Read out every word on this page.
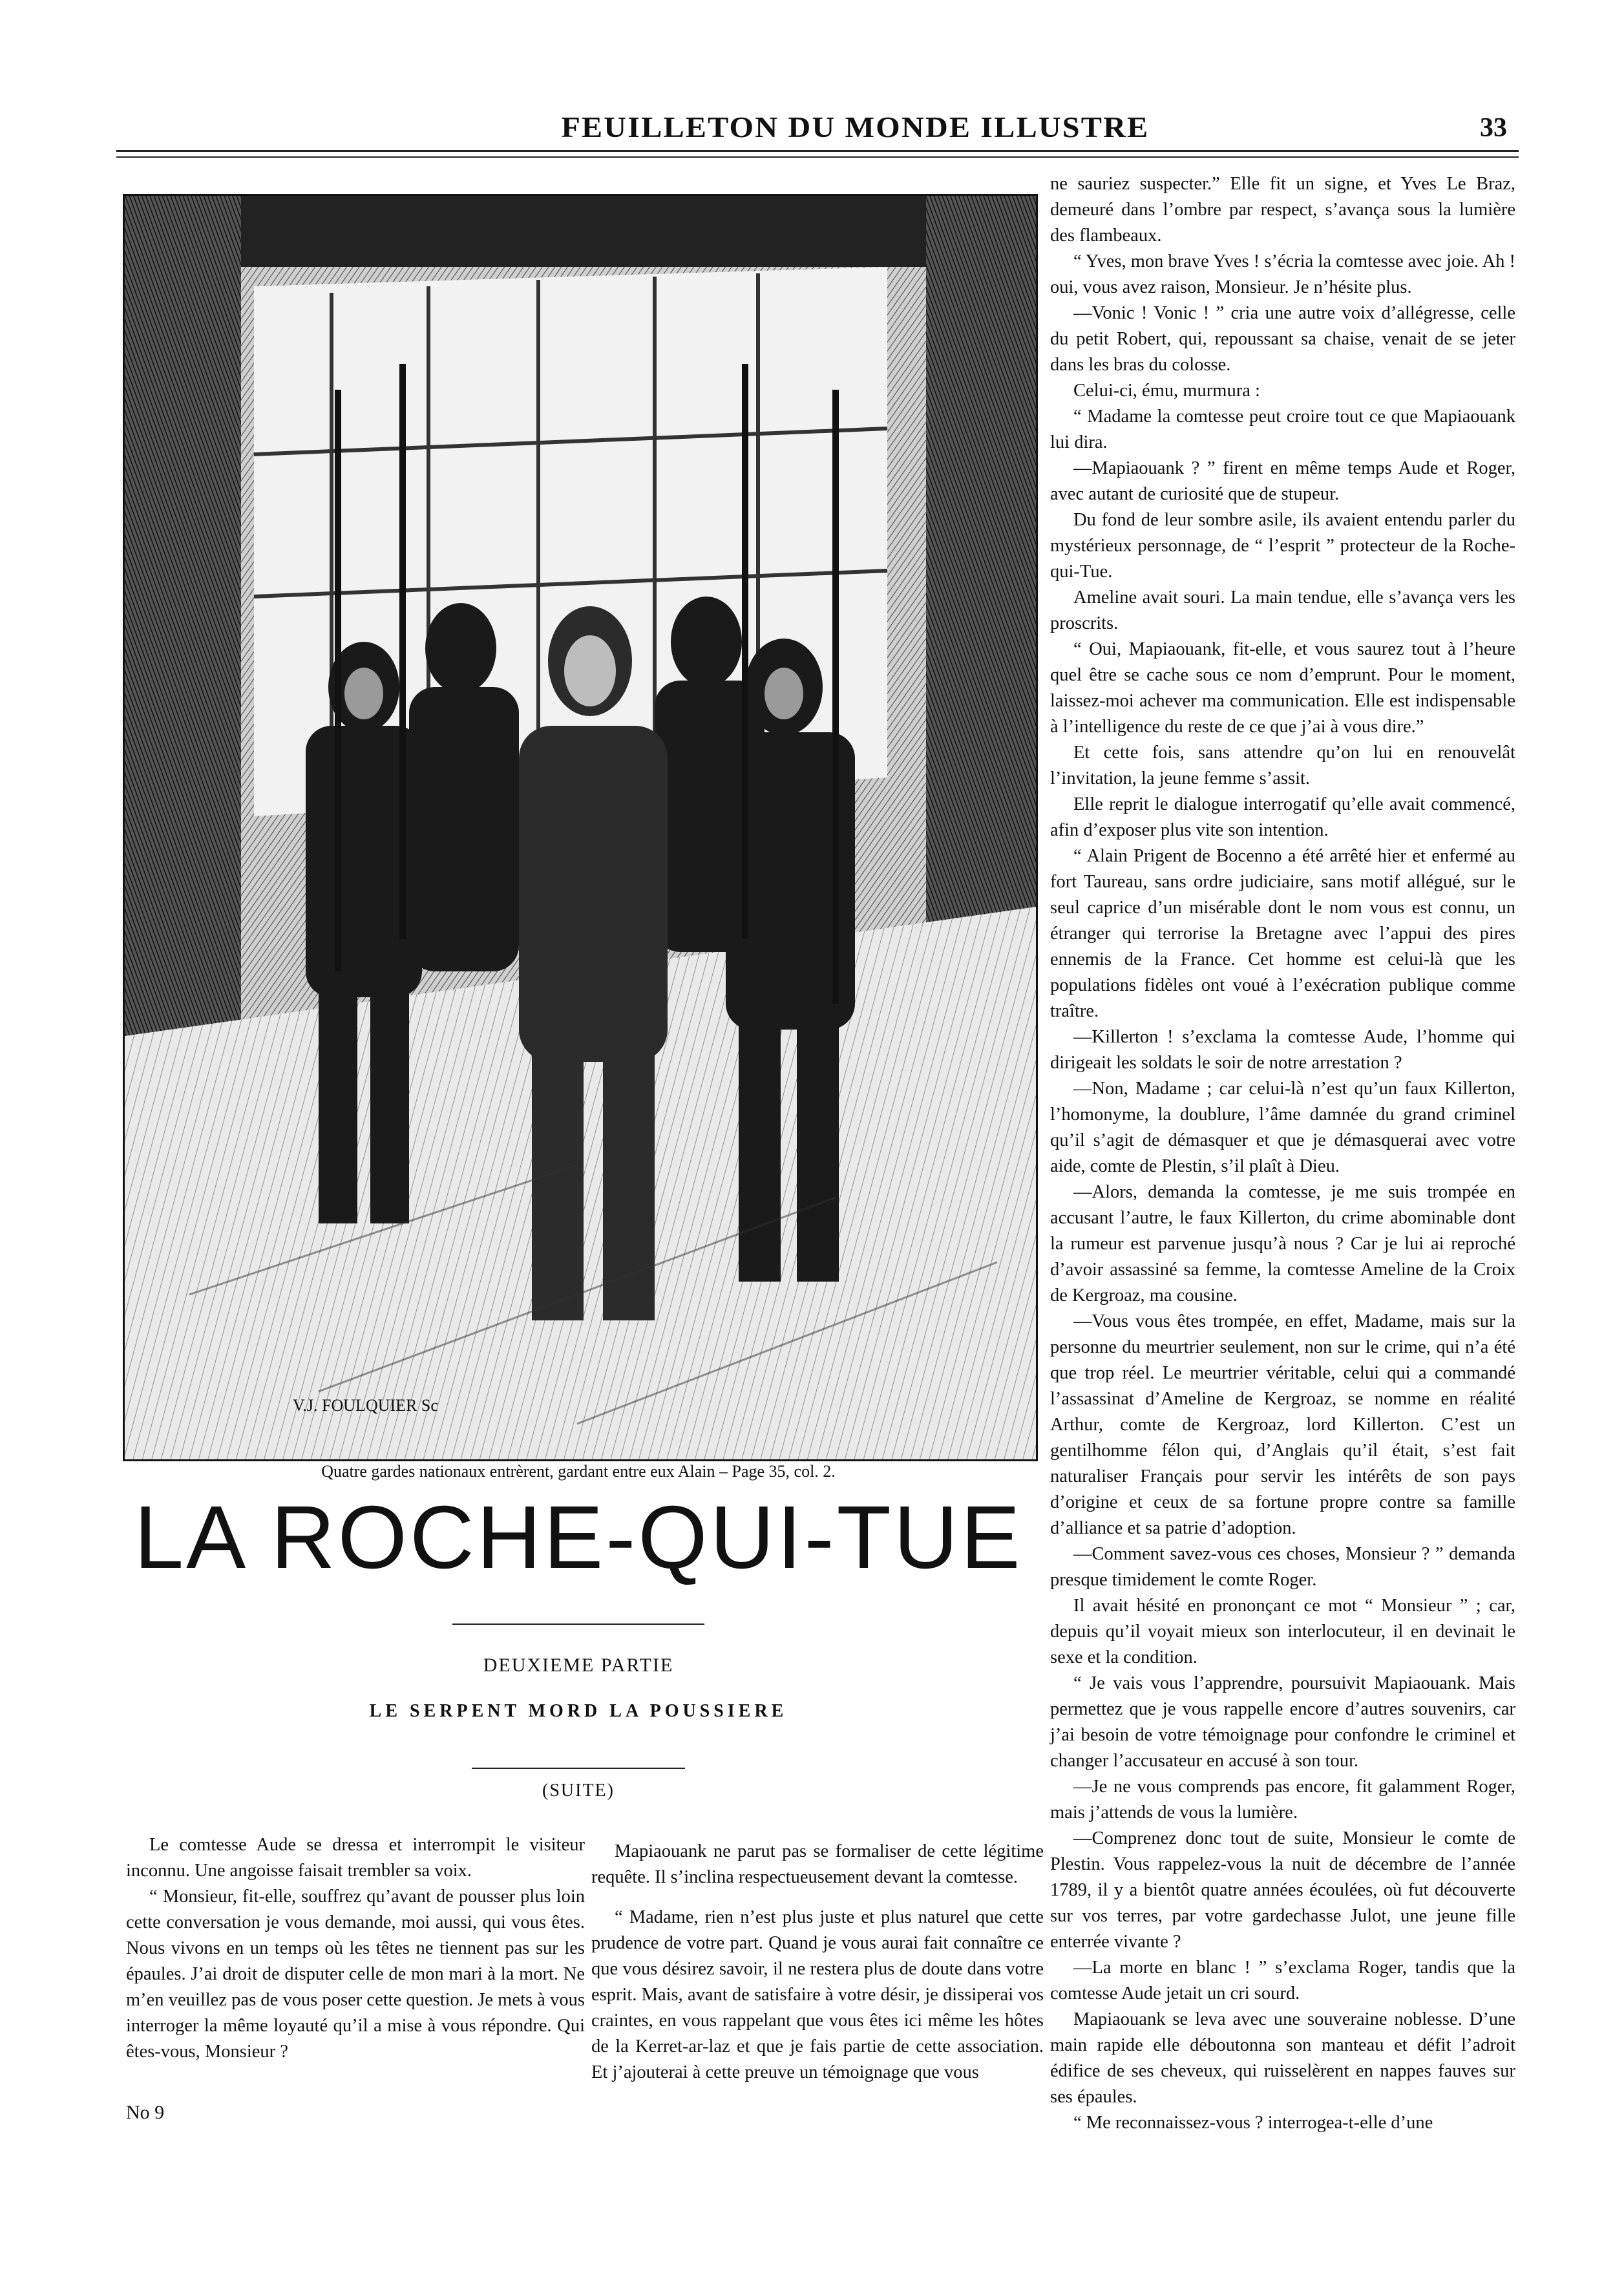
FEUILLETON DU MONDE ILLUSTRE	33
V.J. FOULQUIER Sc
Quatre gardes nationaux entrèrent, gardant entre eux Alain – Page 35, col. 2.
LA ROCHE-QUI-TUE
DEUXIEME PARTIE
LE SERPENT MORD LA POUSSIERE
(SUITE)

Le comtesse Aude se dressa et interrompit le visiteur inconnu. Une angoisse faisait trembler sa voix.

“ Monsieur, fit-elle, souffrez qu’avant de pousser plus loin cette conversation je vous demande, moi aussi, qui vous êtes. Nous vivons en un temps où les têtes ne tiennent pas sur les épaules. J’ai droit de disputer celle de mon mari à la mort. Ne m’en veuillez pas de vous poser cette question. Je mets à vous interroger la même loyauté qu’il a mise à vous répondre. Qui êtes-vous, Monsieur ?

Mapiaouank ne parut pas se formaliser de cette légitime requête. Il s’inclina respectueusement devant la comtesse.

“ Madame, rien n’est plus juste et plus naturel que cette prudence de votre part. Quand je vous aurai fait connaître ce que vous désirez savoir, il ne restera plus de doute dans votre esprit. Mais, avant de satisfaire à votre désir, je dissiperai vos craintes, en vous rappelant que vous êtes ici même les hôtes de la Kerret-ar-laz et que je fais partie de cette association. Et j’ajouterai à cette preuve un témoignage que vous

ne sauriez suspecter.” Elle fit un signe, et Yves Le Braz, demeuré dans l’ombre par respect, s’avança sous la lumière des flambeaux.

“ Yves, mon brave Yves ! s’écria la comtesse avec joie. Ah ! oui, vous avez raison, Monsieur. Je n’hésite plus.

—Vonic ! Vonic ! ” cria une autre voix d’allégresse, celle du petit Robert, qui, repoussant sa chaise, venait de se jeter dans les bras du colosse.

Celui-ci, ému, murmura :

“ Madame la comtesse peut croire tout ce que Mapiaouank lui dira.

—Mapiaouank ? ” firent en même temps Aude et Roger, avec autant de curiosité que de stupeur.

Du fond de leur sombre asile, ils avaient entendu parler du mystérieux personnage, de “ l’esprit ” protecteur de la Roche-qui-Tue.

Ameline avait souri. La main tendue, elle s’avança vers les proscrits.

“ Oui, Mapiaouank, fit-elle, et vous saurez tout à l’heure quel être se cache sous ce nom d’emprunt. Pour le moment, laissez-moi achever ma communication. Elle est indispensable à l’intelligence du reste de ce que j’ai à vous dire.”

Et cette fois, sans attendre qu’on lui en renouvelât l’invitation, la jeune femme s’assit.

Elle reprit le dialogue interrogatif qu’elle avait commencé, afin d’exposer plus vite son intention.

“ Alain Prigent de Bocenno a été arrêté hier et enfermé au fort Taureau, sans ordre judiciaire, sans motif allégué, sur le seul caprice d’un misérable dont le nom vous est connu, un étranger qui terrorise la Bretagne avec l’appui des pires ennemis de la France. Cet homme est celui-là que les populations fidèles ont voué à l’exécration publique comme traître.

—Killerton ! s’exclama la comtesse Aude, l’homme qui dirigeait les soldats le soir de notre arrestation ?

—Non, Madame ; car celui-là n’est qu’un faux Killerton, l’homonyme, la doublure, l’âme damnée du grand criminel qu’il s’agit de démasquer et que je démasquerai avec votre aide, comte de Plestin, s’il plaît à Dieu.

—Alors, demanda la comtesse, je me suis trompée en accusant l’autre, le faux Killerton, du crime abominable dont la rumeur est parvenue jusqu’à nous ? Car je lui ai reproché d’avoir assassiné sa femme, la comtesse Ameline de la Croix de Kergroaz, ma cousine.

—Vous vous êtes trompée, en effet, Madame, mais sur la personne du meurtrier seulement, non sur le crime, qui n’a été que trop réel. Le meurtrier véritable, celui qui a commandé l’assassinat d’Ameline de Kergroaz, se nomme en réalité Arthur, comte de Kergroaz, lord Killerton. C’est un gentilhomme félon qui, d’Anglais qu’il était, s’est fait naturaliser Français pour servir les intérêts de son pays d’origine et ceux de sa fortune propre contre sa famille d’alliance et sa patrie d’adoption.

—Comment savez-vous ces choses, Monsieur ? ” demanda presque timidement le comte Roger.

Il avait hésité en prononçant ce mot “ Monsieur ” ; car, depuis qu’il voyait mieux son interlocuteur, il en devinait le sexe et la condition.

“ Je vais vous l’apprendre, poursuivit Mapiaouank. Mais permettez que je vous rappelle encore d’autres souvenirs, car j’ai besoin de votre témoignage pour confondre le criminel et changer l’accusateur en accusé à son tour.

—Je ne vous comprends pas encore, fit galamment Roger, mais j’attends de vous la lumière.

—Comprenez donc tout de suite, Monsieur le comte de Plestin. Vous rappelez-vous la nuit de décembre de l’année 1789, il y a bientôt quatre années écoulées, où fut découverte sur vos terres, par votre gardechasse Julot, une jeune fille enterrée vivante ?

—La morte en blanc ! ” s’exclama Roger, tandis que la comtesse Aude jetait un cri sourd.

Mapiaouank se leva avec une souveraine noblesse. D’une main rapide elle déboutonna son manteau et défit l’adroit édifice de ses cheveux, qui ruisselèrent en nappes fauves sur ses épaules.

“ Me reconnaissez-vous ? interrogea-t-elle d’une

No 9
